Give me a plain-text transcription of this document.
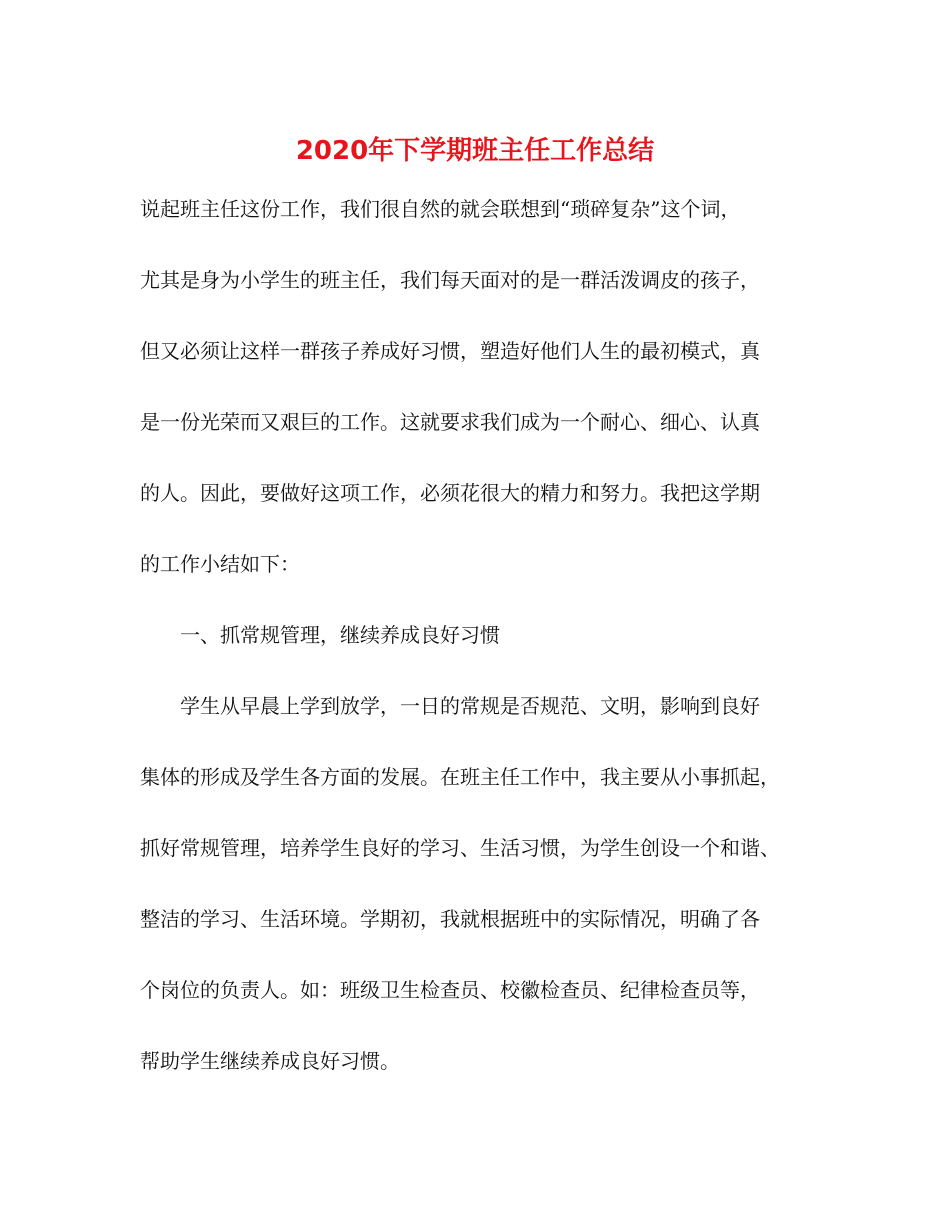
2020年下学期班主任工作总结
说起班主任这份工作，我们很自然的就会联想到“琐碎复杂”这个词，
尤其是身为小学生的班主任，我们每天面对的是一群活泼调皮的孩子，
但又必须让这样一群孩子养成好习惯，塑造好他们人生的最初模式，真
是一份光荣而又艰巨的工作。这就要求我们成为一个耐心、细心、认真
的人。因此，要做好这项工作，必须花很大的精力和努力。我把这学期
的工作小结如下：
一、抓常规管理，继续养成良好习惯
学生从早晨上学到放学，一日的常规是否规范、文明，影响到良好
集体的形成及学生各方面的发展。在班主任工作中，我主要从小事抓起，
抓好常规管理，培养学生良好的学习、生活习惯，为学生创设一个和谐、
整洁的学习、生活环境。学期初，我就根据班中的实际情况，明确了各
个岗位的负责人。如：班级卫生检查员、校徽检查员、纪律检查员等，
帮助学生继续养成良好习惯。
